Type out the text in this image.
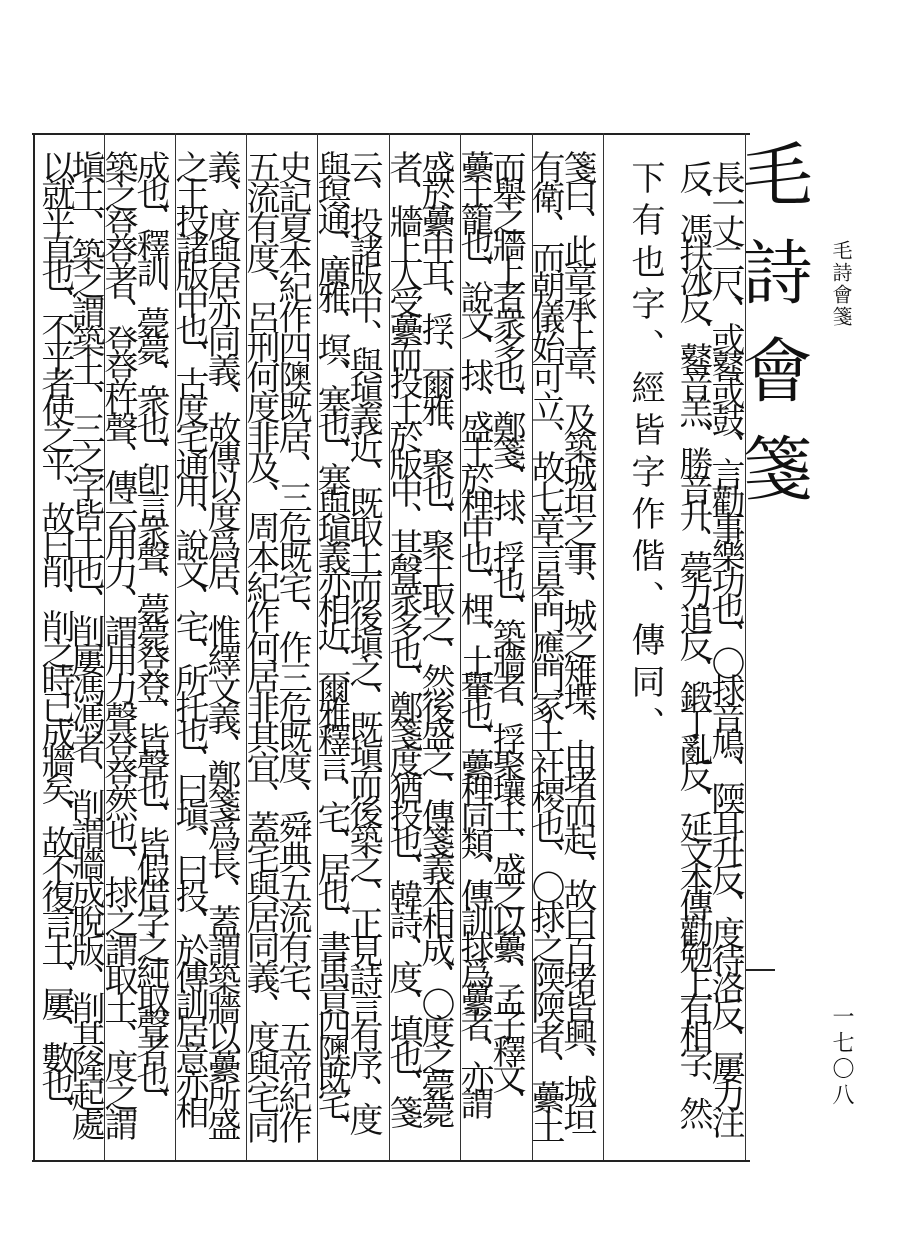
毛詩會箋
毛詩會箋
一七〇八
長一丈二尺、或鼛或鼓、言勸事樂功也、〇捄音鳩、陾耳升反、度待洛反、屢力注
反、馮扶冰反、鼛音羔、勝音升、薨力追反、鍛丁亂反、延文本傳勸勉上有相字、然
下有也字、經皆字作偕、傳同、
箋曰、此章承上章、及築城垣之事、城之雉堞、由堵而起、故曰百堵皆興、城垣
有衛、而朝儀始可立、故七章言皋門應門冢土社稷也、〇捄之陾陾者、虆土
而舉之牆上者衆多也、鄭箋、捄、捊也、築牆者、捊聚壤土、盛之以虆、孟子釋文、
虆土籠也、說文、捄、盛土於梩中也、梩、土轝也、虆梩同類、傳訓捄爲虆者、亦謂
盛於虆中耳、捊、爾雅、聚也、聚土取之、然後盛之、傳箋義本相成、〇度之薨薨
者、牆上人受虆而投土於版中、其聲衆多也、鄭箋度猶投也、韓詩、度、填也、箋
云、投諸版中、與塡義近、既取土而後塡之、既塡而後築之、正見詩言有序、度
與塓通、廣雅、塓、塞也、塞與塡義亦相近、爾雅釋言、宅、居也、書禹貢四隩既宅、
史記夏本紀作四隩既居、三危既宅、作三危既度、舜典五流有宅、五帝紀作
五流有度、呂刑何度非及、周本紀作何居非其宜、蓋宅與居同義、度與宅同
義、度與居亦同義、故傳以度爲居、惟繹文義、鄭箋爲長、蓋謂築牆以虆所盛
之土投諸版中也、古度宅通用、說文、宅、所托也、曰塡、曰投、於傳訓居意亦相
成也、釋訓、薨薨、衆也、卽言衆聲、薨薨登登、皆聲也、皆假借字之純取聲者也、
築之登登者、登登杵聲、傳云用力、謂用力聲登登然也、捄之謂取土、度之謂
塡土、築之謂築土、三之字皆土也、削屢馮馮者、削謂牆成脫版、削其隆起處
以就平直也、不平者使之平、故曰削、削之時已成牆矣、故不復言土、屢、數也、
